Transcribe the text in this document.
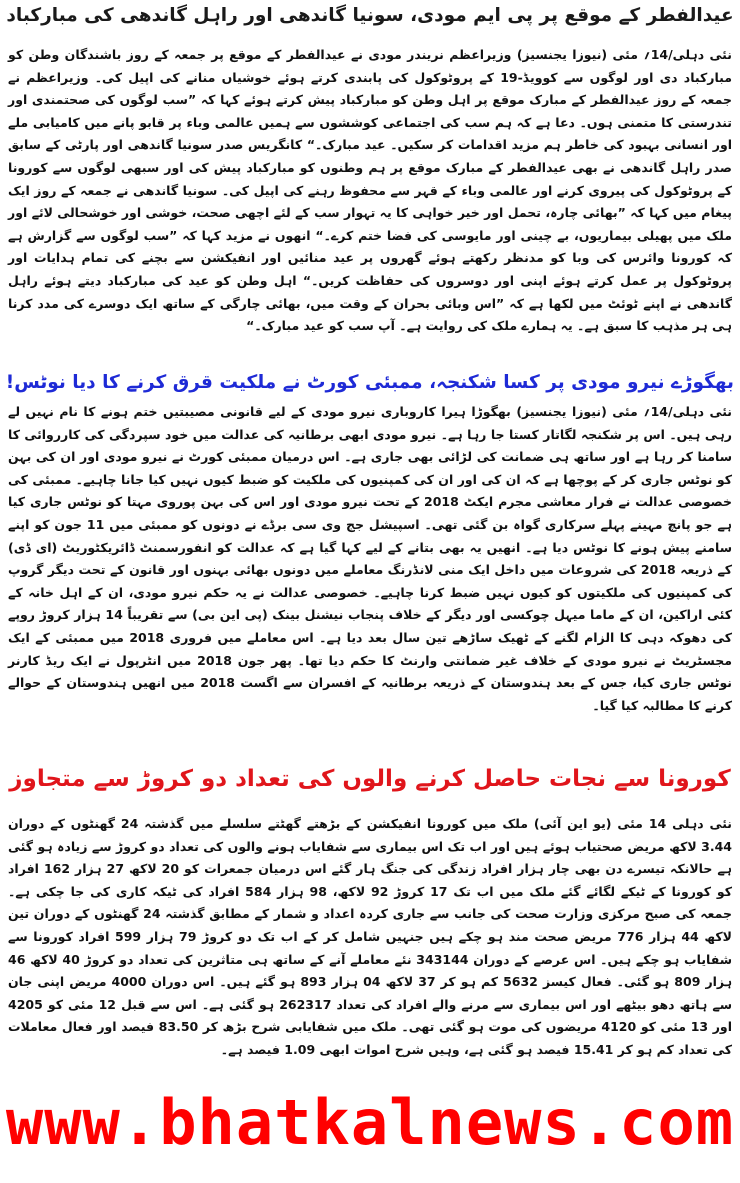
عیدالفطر کے موقع پر پی ایم مودی، سونیا گاندھی اور راہل گاندھی کی مبارکباد

نئی دہلی/14؍ مئی (نیوزا یجنسیز) وزیراعظم نریندر مودی نے عیدالفطر کے موقع پر جمعہ کے روز باشندگان وطن کو مبارکباد دی اور لوگوں سے کوویڈ-19 کے پروٹوکول کی پابندی کرتے ہوئے خوشیاں منانے کی اپیل کی۔ وزیراعظم نے جمعہ کے روز عیدالفطر کے مبارک موقع پر اہل وطن کو مبارکباد پیش کرتے ہوئے کہا کہ ”سب لوگوں کی صحتمندی اور تندرستی کا متمنی ہوں۔ دعا ہے کہ ہم سب کی اجتماعی کوششوں سے ہمیں عالمی وباء پر قابو پانے میں کامیابی ملے اور انسانی بہبود کی خاطر ہم مزید اقدامات کر سکیں۔ عید مبارک۔“ کانگریس صدر سونیا گاندھی اور پارٹی کے سابق صدر راہل گاندھی نے بھی عیدالفطر کے مبارک موقع پر ہم وطنوں کو مبارکباد پیش کی اور سبھی لوگوں سے کورونا کے پروٹوکول کی پیروی کرنے اور عالمی وباء کے قہر سے محفوظ رہنے کی اپیل کی۔ سونیا گاندھی نے جمعہ کے روز ایک پیغام میں کہا کہ ”بھائی چارہ، تحمل اور خیر خواہی کا یہ تہوار سب کے لئے اچھی صحت، خوشی اور خوشحالی لائے اور ملک میں پھیلی بیماریوں، بے چینی اور مایوسی کی فضا ختم کرے۔“ انھوں نے مزید کہا کہ ”سب لوگوں سے گزارش ہے کہ کورونا وائرس کی وبا کو مدنظر رکھتے ہوئے گھروں پر عید منائیں اور انفیکشن سے بچنے کی تمام ہدایات اور پروٹوکول پر عمل کرتے ہوئے اپنی اور دوسروں کی حفاظت کریں۔“ اہل وطن کو عید کی مبارکباد دیتے ہوئے راہل گاندھی نے اپنے ٹوئٹ میں لکھا ہے کہ ”اس وبائی بحران کے وقت میں، بھائی چارگی کے ساتھ ایک دوسرے کی مدد کرنا ہی ہر مذہب کا سبق ہے۔ یہ ہمارے ملک کی روایت ہے۔ آپ سب کو عید مبارک۔“

بھگوڑے نیرو مودی پر کسا شکنجہ، ممبئی کورٹ نے ملکیت قرق کرنے کا دیا نوٹس!

نئی دہلی/14؍ مئی (نیوزا یجنسیز) بھگوڑا ہیرا کاروباری نیرو مودی کے لیے قانونی مصیبتیں ختم ہونے کا نام نہیں لے رہی ہیں۔ اس پر شکنجہ لگاتار کستا جا رہا ہے۔ نیرو مودی ابھی برطانیہ کی عدالت میں خود سپردگی کی کارروائی کا سامنا کر رہا ہے اور ساتھ ہی ضمانت کی لڑائی بھی جاری ہے۔ اس درمیان ممبئی کورٹ نے نیرو مودی اور ان کی بہن کو نوٹس جاری کر کے پوچھا ہے کہ ان کی اور ان کی کمپنیوں کی ملکیت کو ضبط کیوں نہیں کیا جانا چاہیے۔ ممبئی کی خصوصی عدالت نے فرار معاشی مجرم ایکٹ 2018 کے تحت نیرو مودی اور اس کی بہن پوروی مہتا کو نوٹس جاری کیا ہے جو پانچ مہینے پہلے سرکاری گواہ بن گئی تھی۔ اسپیشل جج وی سی برڈے نے دونوں کو ممبئی میں 11 جون کو اپنے سامنے پیش ہونے کا نوٹس دیا ہے۔ انھیں یہ بھی بتانے کے لیے کہا گیا ہے کہ عدالت کو انفورسمنٹ ڈائریکٹوریٹ (ای ڈی) کے ذریعہ 2018 کی شروعات میں داخل ایک منی لانڈرنگ معاملے میں دونوں بھائی بہنوں اور قانون کے تحت دیگر گروپ کی کمپنیوں کی ملکیتوں کو کیوں نہیں ضبط کرنا چاہیے۔ خصوصی عدالت نے یہ حکم نیرو مودی، ان کے اہل خانہ کے کئی اراکین، ان کے ماما میہل چوکسی اور دیگر کے خلاف پنجاب نیشنل بینک (پی این بی) سے تقریباً 14 ہزار کروڑ روپے کی دھوکہ دہی کا الزام لگنے کے ٹھیک ساڑھے تین سال بعد دیا ہے۔ اس معاملے میں فروری 2018 میں ممبئی کے ایک مجسٹریٹ نے نیرو مودی کے خلاف غیر ضمانتی وارنٹ کا حکم دیا تھا۔ پھر جون 2018 میں انٹرپول نے ایک ریڈ کارنر نوٹس جاری کیا، جس کے بعد ہندوستان کے ذریعہ برطانیہ کے افسران سے اگست 2018 میں انھیں ہندوستان کے حوالے کرنے کا مطالبہ کیا گیا۔

کورونا سے نجات حاصل کرنے والوں کی تعداد دو کروڑ سے متجاوز

نئی دہلی 14 مئی (یو این آئی) ملک میں کورونا انفیکشن کے بڑھتے گھٹتے سلسلے میں گذشتہ 24 گھنٹوں کے دوران 3.44 لاکھ مریض صحتیاب ہوئے ہیں اور اب تک اس بیماری سے شفایاب ہونے والوں کی تعداد دو کروڑ سے زیادہ ہو گئی ہے حالانکہ تیسرے دن بھی چار ہزار افراد زندگی کی جنگ ہار گئے اس درمیان جمعرات کو 20 لاکھ 27 ہزار 162 افراد کو کورونا کے ٹیکے لگائے گئے ملک میں اب تک 17 کروڑ 92 لاکھ، 98 ہزار 584 افراد کی ٹیکہ کاری کی جا چکی ہے۔ جمعہ کی صبح مرکزی وزارت صحت کی جانب سے جاری کردہ اعداد و شمار کے مطابق گذشتہ 24 گھنٹوں کے دوران تین لاکھ 44 ہزار 776 مریض صحت مند ہو چکے ہیں جنہیں شامل کر کے اب تک دو کروڑ 79 ہزار 599 افراد کورونا سے شفایاب ہو چکے ہیں۔ اس عرصے کے دوران 343144 نئے معاملے آنے کے ساتھ ہی متاثرین کی تعداد دو کروڑ 40 لاکھ 46 ہزار 809 ہو گئی۔ فعال کیسز 5632 کم ہو کر 37 لاکھ 04 ہزار 893 ہو گئے ہیں۔ اس دوران 4000 مریض اپنی جان سے ہاتھ دھو بیٹھے اور اس بیماری سے مرنے والے افراد کی تعداد 262317 ہو گئی ہے۔ اس سے قبل 12 مئی کو 4205 اور 13 مئی کو 4120 مریضوں کی موت ہو گئی تھی۔ ملک میں شفایابی شرح بڑھ کر 83.50 فیصد اور فعال معاملات کی تعداد کم ہو کر 15.41 فیصد ہو گئی ہے، وہیں شرح اموات ابھی 1.09 فیصد ہے۔

www.bhatkalnews.com
